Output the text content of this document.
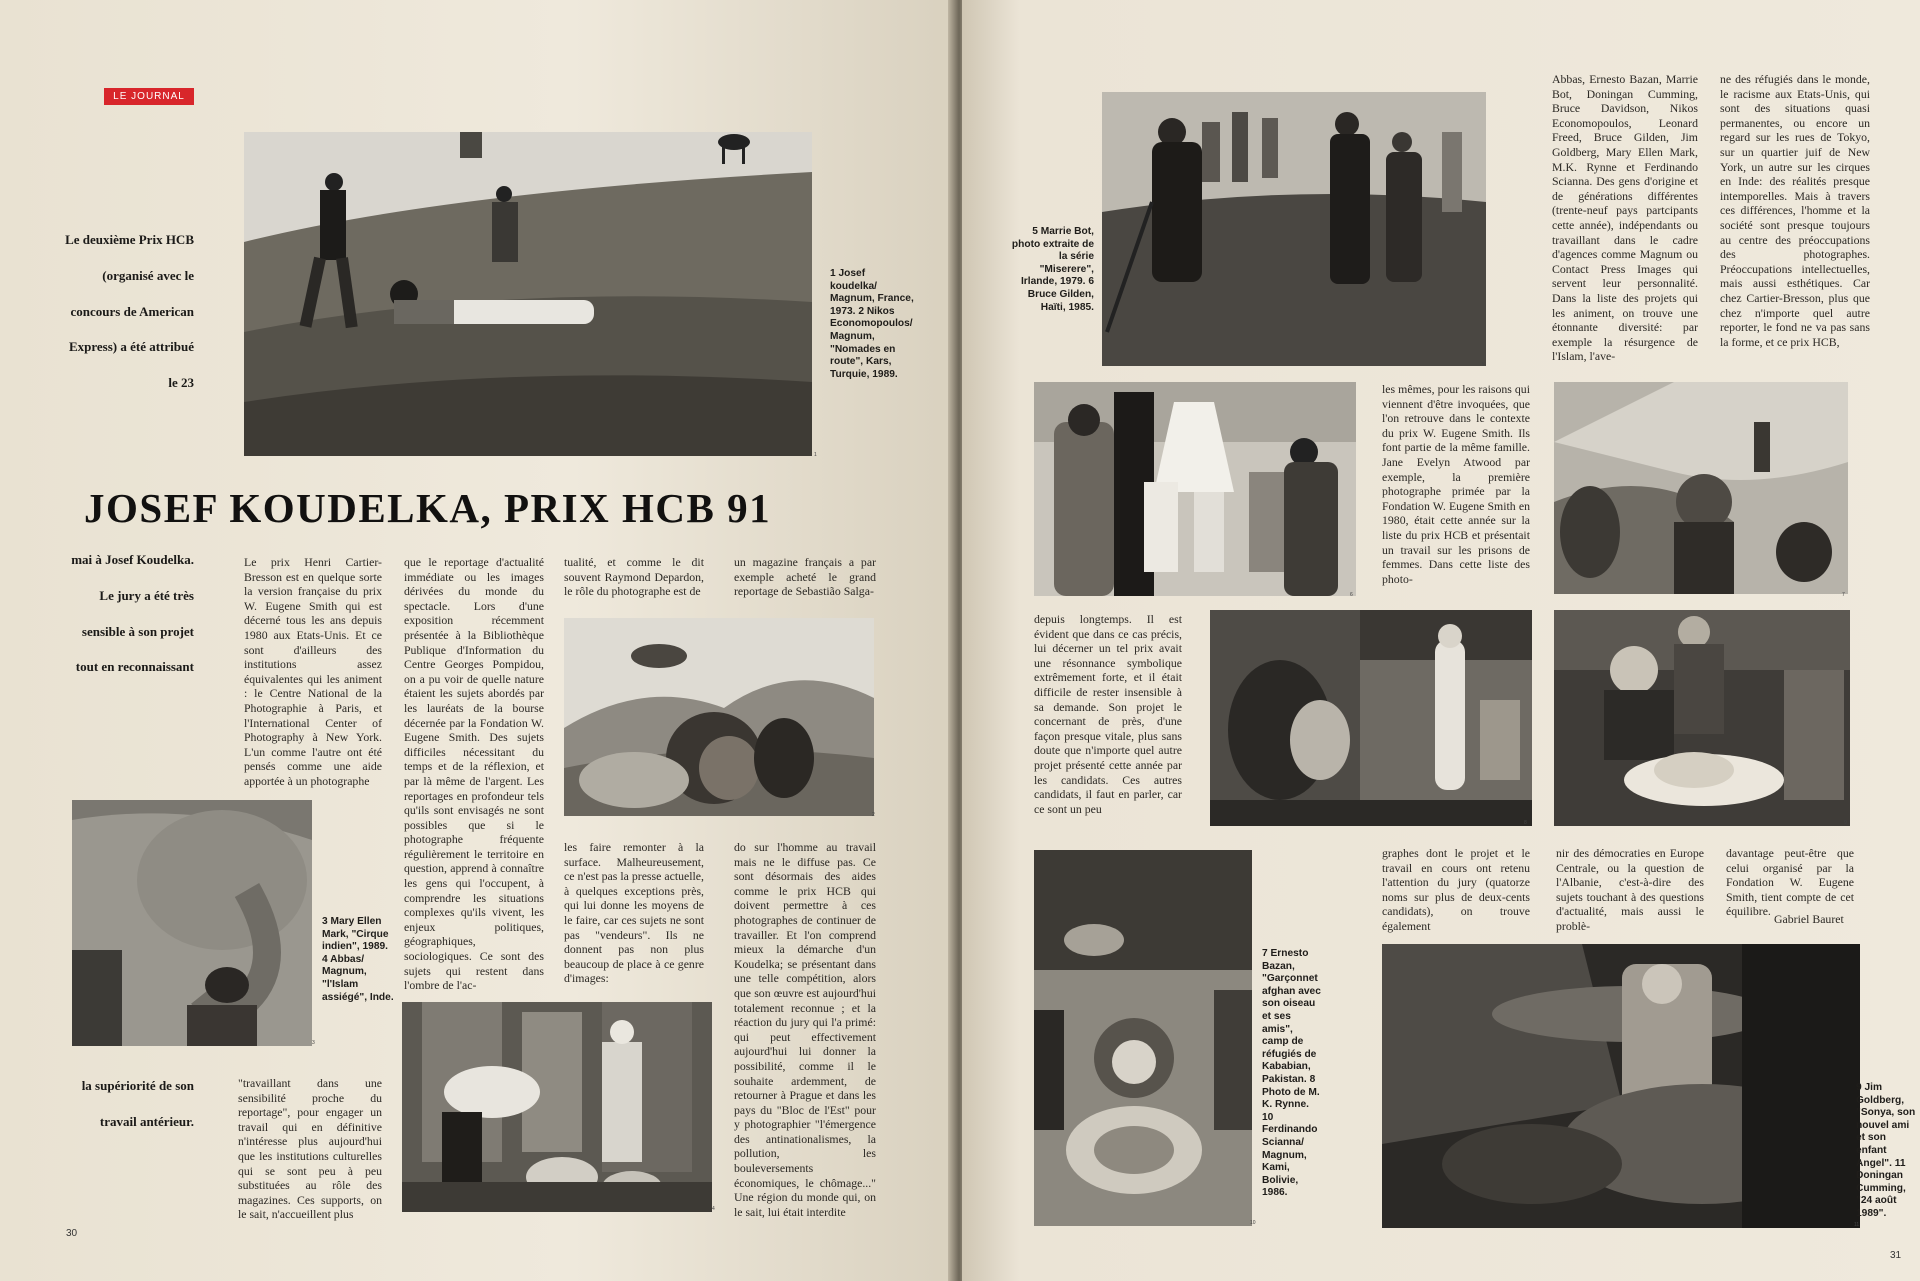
LE JOURNAL
1

1 Josef koudelka/ Magnum, France, 1973. 2 Nikos Economopoulos/ Magnum, "Nomades en route", Kars, Turquie, 1989.

Le deuxième Prix HCB (organisé avec le concours de American Express) a été attribué le 23

JOSEF KOUDELKA, PRIX HCB 91

mai à Josef Koudelka. Le jury a été très sensible à son projet tout en reconnaissant

Le prix Henri Cartier-Bresson est en quelque sorte la version française du prix W. Eugene Smith qui est décerné tous les ans depuis 1980 aux Etats-Unis. Et ce sont d'ailleurs des institutions assez équivalentes qui les animent : le Centre National de la Photographie à Paris, et l'International Center of Photography à New York. L'un comme l'autre ont été pensés comme une aide apportée à un photographe

3

3 Mary Ellen Mark, "Cirque indien", 1989. 4 Abbas/ Magnum, "l'Islam assiégé", Inde.

la supériorité de son travail antérieur.

"travaillant dans une sensibilité proche du reportage", pour engager un travail qui en définitive n'intéresse plus aujourd'hui que les institutions culturelles qui se sont peu à peu substituées au rôle des magazines. Ces supports, on le sait, n'accueillent plus

que le reportage d'actualité immédiate ou les images dérivées du monde du spectacle. Lors d'une exposition récemment présentée à la Bibliothèque Publique d'Information du Centre Georges Pompidou, on a pu voir de quelle nature étaient les sujets abordés par les lauréats de la bourse décernée par la Fondation W. Eugene Smith. Des sujets difficiles nécessitant du temps et de la réflexion, et par là même de l'argent. Les reportages en profondeur tels qu'ils sont envisagés ne sont possibles que si le photographe fréquente régulièrement le territoire en question, apprend à connaître les gens qui l'occupent, à comprendre les situations complexes qu'ils vivent, les enjeux politiques, géographiques, sociologiques. Ce sont des sujets qui restent dans l'ombre de l'ac-

tualité, et comme le dit souvent Raymond Depardon, le rôle du photographe est de

2

les faire remonter à la surface. Malheureusement, ce n'est pas la presse actuelle, à quelques exceptions près, qui lui donne les moyens de le faire, car ces sujets ne sont pas "vendeurs". Ils ne donnent pas non plus beaucoup de place à ce genre d'images:

4

un magazine français a par exemple acheté le grand reportage de Sebastião Salga-

do sur l'homme au travail mais ne le diffuse pas. Ce sont désormais des aides comme le prix HCB qui doivent permettre à ces photographes de continuer de travailler. Et l'on comprend mieux la démarche d'un Koudelka; se présentant dans une telle compétition, alors que son œuvre est aujourd'hui totalement reconnue ; et la réaction du jury qui l'a primé: qui peut effectivement aujourd'hui lui donner la possibilité, comme il le souhaite ardemment, de retourner à Prague et dans les pays du "Bloc de l'Est" pour y photographier "l'émergence des antinationalismes, la pollution, les bouleversements économiques, le chômage..." Une région du monde qui, on le sait, lui était interdite

30
5

5 Marrie Bot, photo extraite de la série "Miserere", Irlande, 1979. 6 Bruce Gilden, Haïti, 1985.

Abbas, Ernesto Bazan, Marrie Bot, Doningan Cumming, Bruce Davidson, Nikos Economopoulos, Leonard Freed, Bruce Gilden, Jim Goldberg, Mary Ellen Mark, M.K. Rynne et Ferdinando Scianna. Des gens d'origine et de générations différentes (trente-neuf pays partcipants cette année), indépendants ou travaillant dans le cadre d'agences comme Magnum ou Contact Press Images qui servent leur personnalité. Dans la liste des projets qui les animent, on trouve une étonnante diversité: par exemple la résurgence de l'Islam, l'ave-

ne des réfugiés dans le monde, le racisme aux Etats-Unis, qui sont des situations quasi permanentes, ou encore un regard sur les rues de Tokyo, sur un quartier juif de New York, un autre sur les cirques en Inde: des réalités presque intemporelles. Mais à travers ces différences, l'homme et la société sont presque toujours au centre des préoccupations des photographes. Préoccupations intellectuelles, mais aussi esthétiques. Car chez Cartier-Bresson, plus que chez n'importe quel autre reporter, le fond ne va pas sans la forme, et ce prix HCB,

6

les mêmes, pour les raisons qui viennent d'être invoquées, que l'on retrouve dans le contexte du prix W. Eugene Smith. Ils font partie de la même famille. Jane Evelyn Atwood par exemple, la première photographe primée par la Fondation W. Eugene Smith en 1980, était cette année sur la liste du prix HCB et présentait un travail sur les prisons de femmes. Dans cette liste des photo-

7

depuis longtemps. Il est évident que dans ce cas précis, lui décerner un tel prix avait une résonnance symbolique extrêmement forte, et il était difficile de rester insensible à sa demande. Son projet le concernant de près, d'une façon presque vitale, plus sans doute que n'importe quel autre projet présenté cette année par les candidats. Ces autres candidats, il faut en parler, car ce sont un peu

8	9
10

7 Ernesto Bazan, "Garçonnet afghan avec son oiseau et ses amis", camp de réfugiés de Kababian, Pakistan. 8 Photo de M. K. Rynne. 10 Ferdinando Scianna/ Magnum, Kami, Bolivie, 1986.

graphes dont le projet et le travail en cours ont retenu l'attention du jury (quatorze noms sur plus de deux-cents candidats), on trouve également

nir des démocraties en Europe Centrale, ou la question de l'Albanie, c'est-à-dire des sujets touchant à des questions d'actualité, mais aussi le problè-

davantage peut-être que celui organisé par la Fondation W. Eugene Smith, tient compte de cet équilibre.

Gabriel Bauret
11

9 Jim Goldberg, "Sonya, son nouvel ami et son enfant Angel". 11 Doningan Cumming, "24 août 1989".

31
